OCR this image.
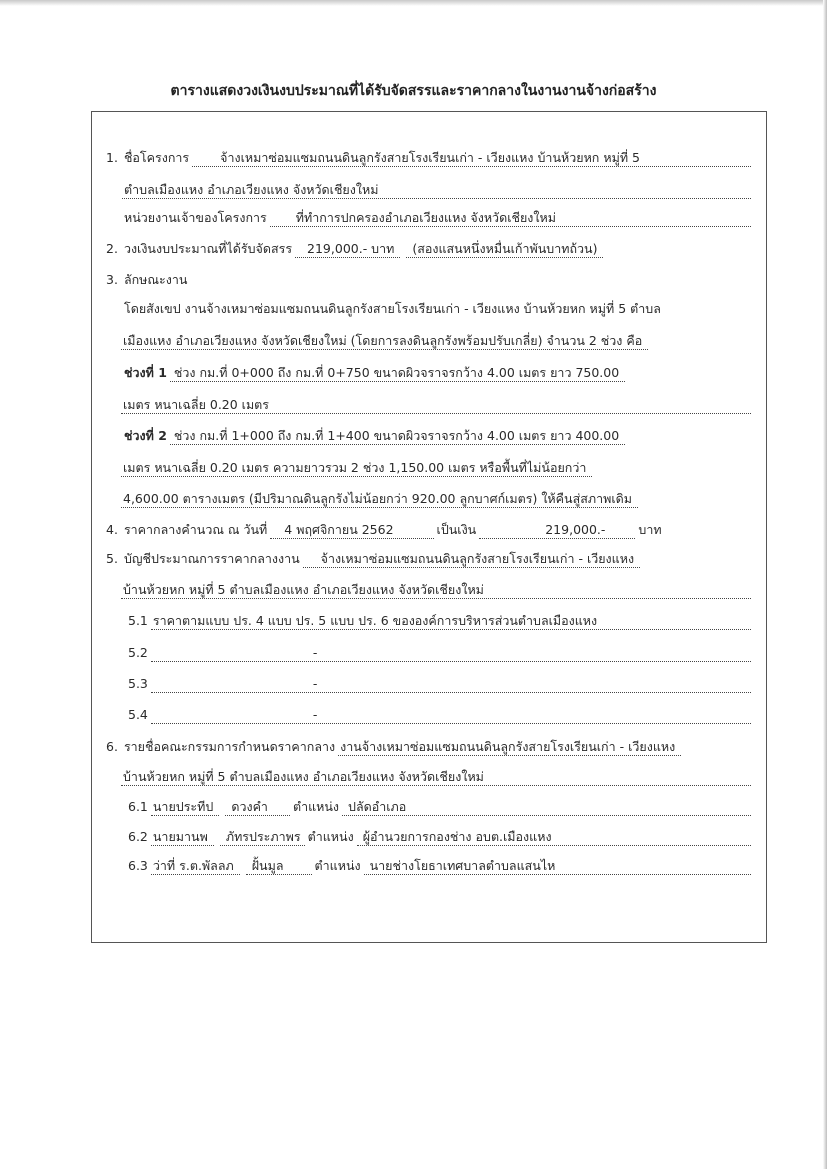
ตารางแสดงวงเงินงบประมาณที่ได้รับจัดสรรและราคากลางในงานงานจ้างก่อสร้าง
1. ชื่อโครงการ	จ้างเหมาซ่อมแซมถนนดินลูกรังสายโรงเรียนเก่า - เวียงแหง บ้านห้วยหก หมู่ที่ 5
ตำบลเมืองแหง อำเภอเวียงแหง จังหวัดเชียงใหม่
หน่วยงานเจ้าของโครงการ	ที่ทำการปกครองอำเภอเวียงแหง จังหวัดเชียงใหม่
2. วงเงินงบประมาณที่ได้รับจัดสรร	219,000.- บาท	(สองแสนหนึ่งหมื่นเก้าพันบาทถ้วน)
3. ลักษณะงาน
โดยสังเขป งานจ้างเหมาซ่อมแซมถนนดินลูกรังสายโรงเรียนเก่า - เวียงแหง บ้านห้วยหก หมู่ที่ 5 ตำบล
เมืองแหง อำเภอเวียงแหง จังหวัดเชียงใหม่ (โดยการลงดินลูกรังพร้อมปรับเกลี่ย) จำนวน 2 ช่วง คือ
ช่วงที่ 1 ช่วง กม.ที่ 0+000 ถึง กม.ที่ 0+750 ขนาดผิวจราจรกว้าง 4.00 เมตร ยาว 750.00
เมตร หนาเฉลี่ย 0.20 เมตร
ช่วงที่ 2 ช่วง กม.ที่ 1+000 ถึง กม.ที่ 1+400 ขนาดผิวจราจรกว้าง 4.00 เมตร ยาว 400.00
เมตร หนาเฉลี่ย 0.20 เมตร ความยาวรวม 2 ช่วง 1,150.00 เมตร หรือพื้นที่ไม่น้อยกว่า
4,600.00 ตารางเมตร (มีปริมาณดินลูกรังไม่น้อยกว่า 920.00 ลูกบาศก์เมตร) ให้คืนสู่สภาพเดิม
4. ราคากลางคำนวณ ณ วันที่	4 พฤศจิกายน 2562	เป็นเงิน	219,000.-	บาท
5. บัญชีประมาณการราคากลางงาน	จ้างเหมาซ่อมแซมถนนดินลูกรังสายโรงเรียนเก่า - เวียงแหง
บ้านห้วยหก หมู่ที่ 5 ตำบลเมืองแหง อำเภอเวียงแหง จังหวัดเชียงใหม่
5.1 ราคาตามแบบ ปร. 4 แบบ ปร. 5 แบบ ปร. 6 ขององค์การบริหารส่วนตำบลเมืองแหง
5.2	-
5.3	-
5.4	-
6. รายชื่อคณะกรรมการกำหนดราคากลาง งานจ้างเหมาซ่อมแซมถนนดินลูกรังสายโรงเรียนเก่า - เวียงแหง
บ้านห้วยหก หมู่ที่ 5 ตำบลเมืองแหง อำเภอเวียงแหง จังหวัดเชียงใหม่
6.1 นายประทีป	ดวงคำ	ตำแหน่ง ปลัดอำเภอ
6.2 นายมานพ	ภัทรประภาพร ตำแหน่ง ผู้อำนวยการกองช่าง อบต.เมืองแหง
6.3 ว่าที่ ร.ต.พัลลภ	ฝั้นมูล	ตำแหน่ง นายช่างโยธาเทศบาลตำบลแสนไห
